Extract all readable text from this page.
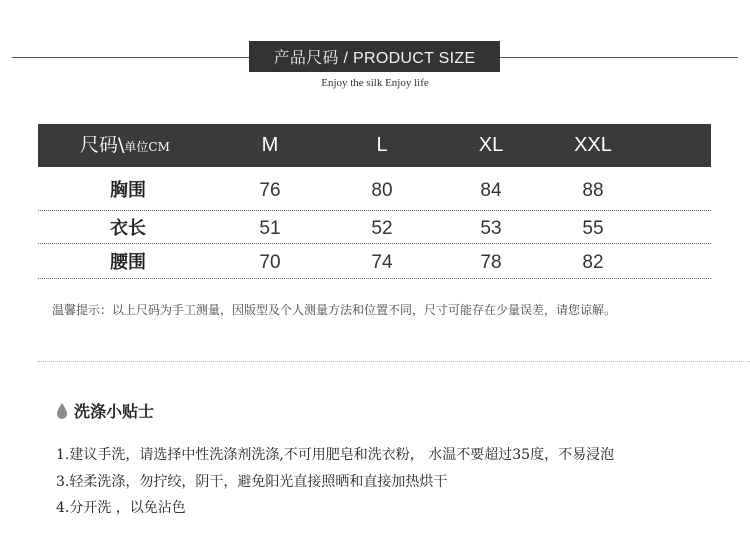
产品尺码 / PRODUCT SIZE
Enjoy the silk Enjoy life
尺码\单位CM	M	L	XL	XXL
胸围	76	80	84	88
衣长	51	52	53	55
腰围	70	74	78	82
温馨提示：以上尺码为手工测量，因版型及个人测量方法和位置不同，尺寸可能存在少量误差，请您谅解。
洗涤小贴士
1.建议手洗，请选择中性洗涤剂洗涤,不可用肥皂和洗衣粉， 水温不要超过35度，不易浸泡
3.轻柔洗涤，勿拧绞，阴干，避免阳光直接照晒和直接加热烘干
4.分开洗 ，以免沾色
